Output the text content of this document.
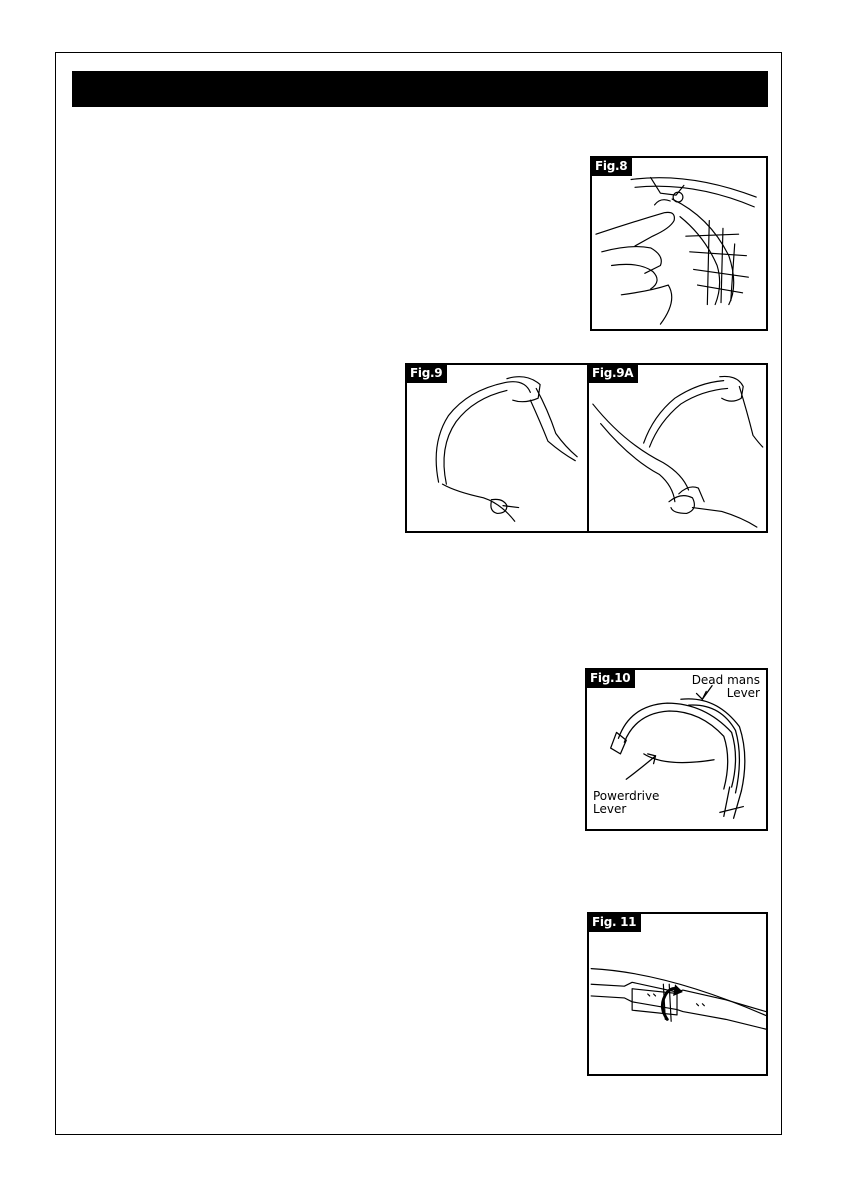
Fig.8
Fig.9	Fig.9A
Fig.10	Dead mans
Lever
Powerdrive
Lever
Fig. 11
